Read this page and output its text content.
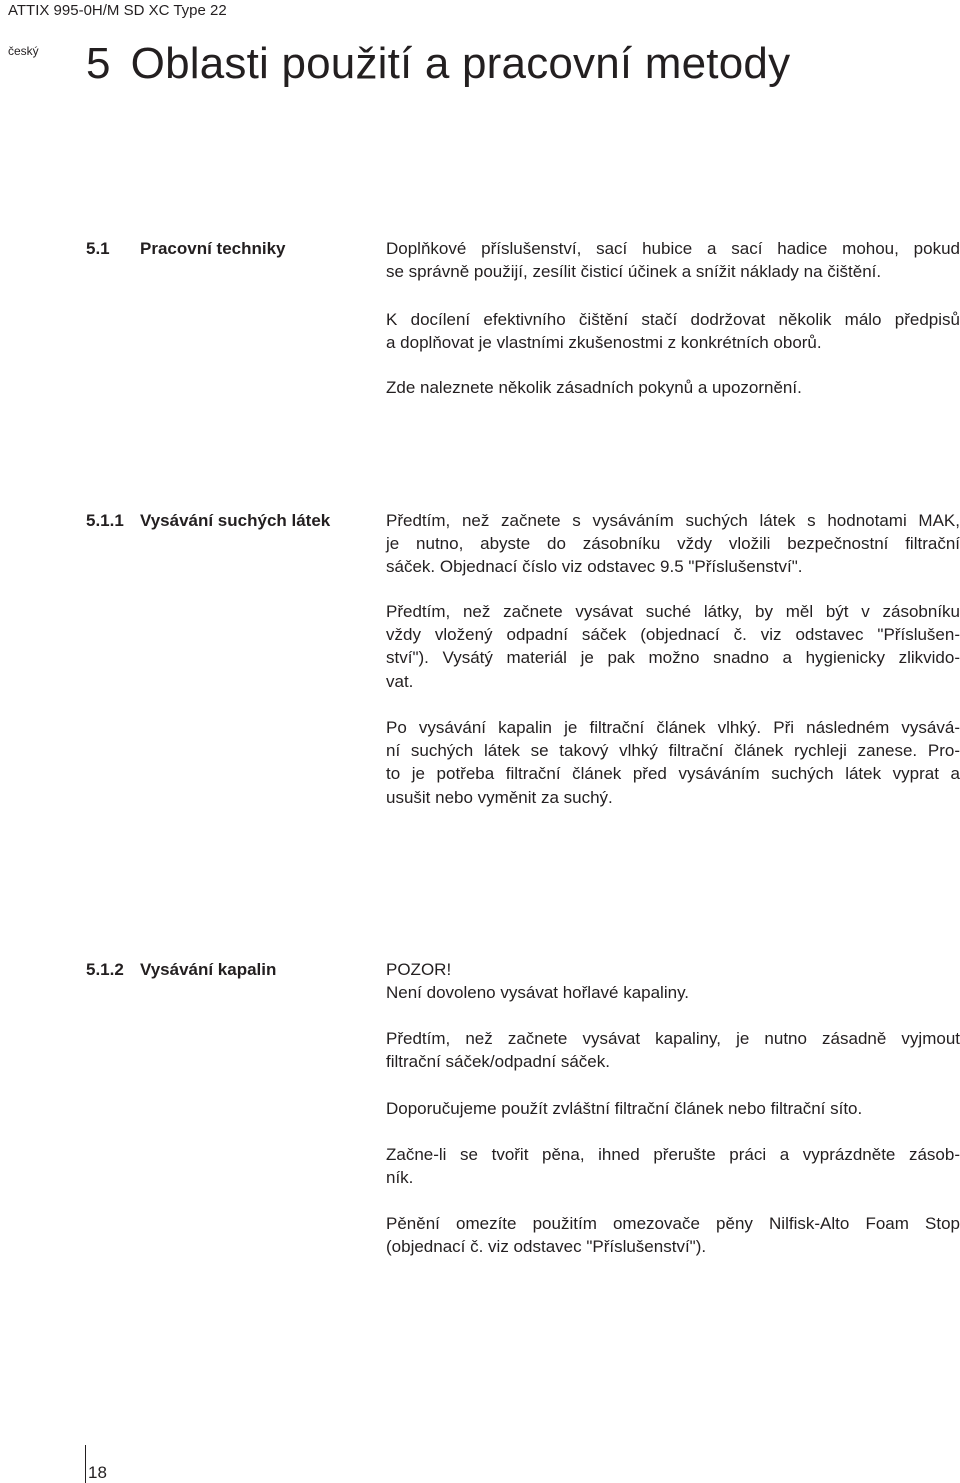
ATTIX 995-0H/M SD XC Type 22
český 5 Oblasti použití a pracovní metody
5.1 Pracovní techniky	Doplňkové příslušenství, sací hubice a sací hadice mohou, pokud
se správně použijí, zesílit čisticí účinek a snížit náklady na čištění.

K docílení efektivního čištění stačí dodržovat několik málo předpisů
a doplňovat je vlastními zkušenostmi z konkrétních oborů.

Zde naleznete několik zásadních pokynů a upozornění.

5.1.1 Vysávání suchých látek	Předtím, než začnete s vysáváním suchých látek s hodnotami MAK,
je nutno, abyste do zásobníku vždy vložili bezpečnostní filtrační
sáček. Objednací číslo viz odstavec 9.5 "Příslušenství".

Předtím, než začnete vysávat suché látky, by měl být v zásobníku
vždy vložený odpadní sáček (objednací č. viz odstavec "Příslušen-
ství"). Vysátý materiál je pak možno snadno a hygienicky zlikvido-
vat.

Po vysávání kapalin je filtrační článek vlhký. Při následném vysává-
ní suchých látek se takový vlhký filtrační článek rychleji zanese. Pro-
to je potřeba filtrační článek před vysáváním suchých látek vyprat a
usušit nebo vyměnit za suchý.

5.1.2 Vysávání kapalin	POZOR!
Není dovoleno vysávat hořlavé kapaliny.

Předtím, než začnete vysávat kapaliny, je nutno zásadně vyjmout
filtrační sáček/odpadní sáček.

Doporučujeme použít zvláštní filtrační článek nebo filtrační síto.

Začne-li se tvořit pěna, ihned přerušte práci a vyprázdněte zásob-
ník.

Pěnění omezíte použitím omezovače pěny Nilfisk-Alto Foam Stop
(objednací č. viz odstavec "Příslušenství").

18
